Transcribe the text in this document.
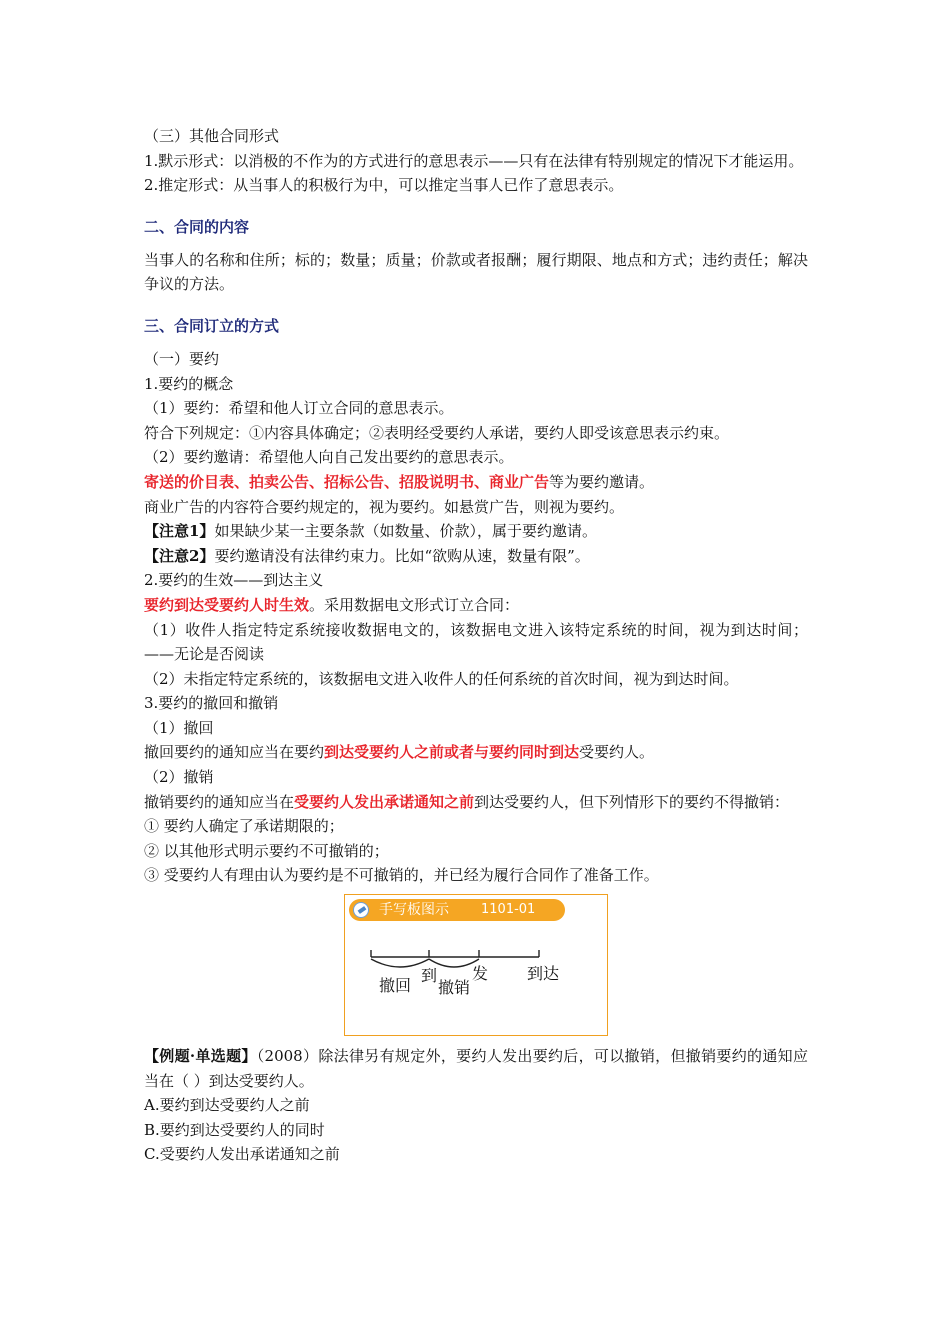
（三）其他合同形式
1.默示形式：以消极的不作为的方式进行的意思表示——只有在法律有特别规定的情况下才能运用。
2.推定形式：从当事人的积极行为中，可以推定当事人已作了意思表示。
二、合同的内容
当事人的名称和住所；标的；数量；质量；价款或者报酬；履行期限、地点和方式；违约责任；解决争议的方法。
三、合同订立的方式
（一）要约
1.要约的概念
（1）要约：希望和他人订立合同的意思表示。
符合下列规定：①内容具体确定；②表明经受要约人承诺，要约人即受该意思表示约束。
（2）要约邀请：希望他人向自己发出要约的意思表示。
寄送的价目表、拍卖公告、招标公告、招股说明书、商业广告等为要约邀请。
商业广告的内容符合要约规定的，视为要约。如悬赏广告，则视为要约。
【注意1】如果缺少某一主要条款（如数量、价款），属于要约邀请。
【注意2】要约邀请没有法律约束力。比如“欲购从速，数量有限”。
2.要约的生效——到达主义
要约到达受要约人时生效。采用数据电文形式订立合同：
（1）收件人指定特定系统接收数据电文的，该数据电文进入该特定系统的时间，视为到达时间；——无论是否阅读
（2）未指定特定系统的，该数据电文进入收件人的任何系统的首次时间，视为到达时间。
3.要约的撤回和撤销
（1）撤回
撤回要约的通知应当在要约到达受要约人之前或者与要约同时到达受要约人。
（2）撤销
撤销要约的通知应当在受要约人发出承诺通知之前到达受要约人，但下列情形下的要约不得撤销：
① 要约人确定了承诺期限的；
② 以其他形式明示要约不可撤销的；
③ 受要约人有理由认为要约是不可撤销的，并已经为履行合同作了准备工作。
手写板图示 1101-01
撤回
到
撤销
发 到达
【例题·单选题】（2008）除法律另有规定外，要约人发出要约后，可以撤销，但撤销要约的通知应当在（ ）到达受要约人。
A.要约到达受要约人之前
B.要约到达受要约人的同时
C.受要约人发出承诺通知之前
